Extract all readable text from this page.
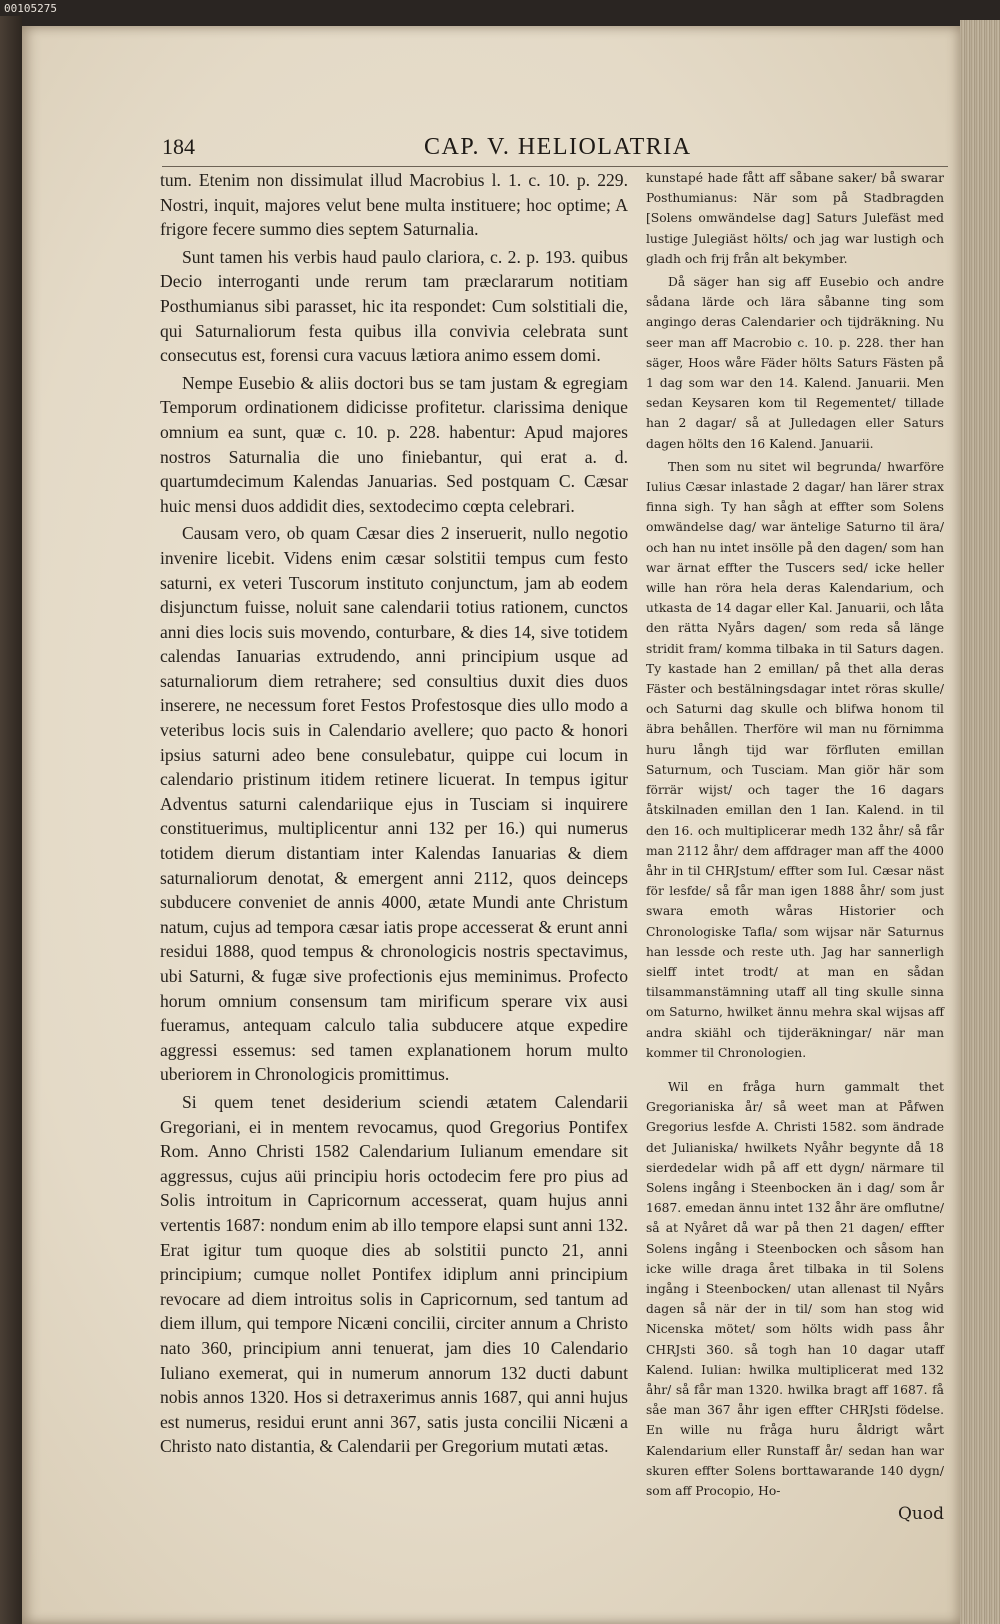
00105275
184	CAP. V. HELIOLATRIA

tum. Etenim non dissimulat illud Macrobius l. 1. c. 10. p. 229. Nostri, inquit, majores velut bene multa instituere; hoc optime; A frigore fecere summo dies septem Saturnalia.

Sunt tamen his verbis haud paulo clariora, c. 2. p. 193. quibus Decio interroganti unde rerum tam præclararum notitiam Posthumianus sibi parasset, hic ita respondet: Cum solstitiali die, qui Saturnaliorum festa quibus illa convivia celebrata sunt consecutus est, forensi cura vacuus lætiora animo essem domi.

Nempe Eusebio & aliis doctori bus se tam justam & egregiam Temporum ordinationem didicisse profitetur. clarissima denique omnium ea sunt, quæ c. 10. p. 228. habentur: Apud majores nostros Saturnalia die uno finiebantur, qui erat a. d. quartumdecimum Kalendas Januarias. Sed postquam C. Cæsar huic mensi duos addidit dies, sextodecimo cœpta celebrari.

Causam vero, ob quam Cæsar dies 2 inseruerit, nullo negotio invenire licebit. Videns enim cæsar solstitii tempus cum festo saturni, ex veteri Tuscorum instituto conjunctum, jam ab eodem disjunctum fuisse, noluit sane calendarii totius rationem, cunctos anni dies locis suis movendo, conturbare, & dies 14, sive totidem calendas Ianuarias extrudendo, anni principium usque ad saturnaliorum diem retrahere; sed consultius duxit dies duos inserere, ne necessum foret Festos Profestosque dies ullo modo a veteribus locis suis in Calendario avellere; quo pacto & honori ipsius saturni adeo bene consulebatur, quippe cui locum in calendario pristinum itidem retinere licuerat. In tempus igitur Adventus saturni calendariique ejus in Tusciam si inquirere constituerimus, multiplicentur anni 132 per 16.) qui numerus totidem dierum distantiam inter Kalendas Ianuarias & diem saturnaliorum denotat, & emergent anni 2112, quos deinceps subducere conveniet de annis 4000, ætate Mundi ante Christum natum, cujus ad tempora cæsar iatis prope accesserat & erunt anni residui 1888, quod tempus & chronologicis nostris spectavimus, ubi Saturni, & fugæ sive profectionis ejus meminimus. Profecto horum omnium consensum tam mirificum sperare vix ausi fueramus, antequam calculo talia subducere atque expedire aggressi essemus: sed tamen explanationem horum multo uberiorem in Chronologicis promittimus.

Si quem tenet desiderium sciendi ætatem Calendarii Gregoriani, ei in mentem revocamus, quod Gregorius Pontifex Rom. Anno Christi 1582 Calendarium Iulianum emendare sit aggressus, cujus aüi principiu horis octodecim fere pro pius ad Solis introitum in Capricornum accesserat, quam hujus anni vertentis 1687: nondum enim ab illo tempore elapsi sunt anni 132. Erat igitur tum quoque dies ab solstitii puncto 21, anni principium; cumque nollet Pontifex idiplum anni principium revocare ad diem introitus solis in Capricornum, sed tantum ad diem illum, qui tempore Nicæni concilii, circiter annum a Christo nato 360, principium anni tenuerat, jam dies 10 Calendario Iuliano exemerat, qui in numerum annorum 132 ducti dabunt nobis annos 1320. Hos si detraxerimus annis 1687, qui anni hujus est numerus, residui erunt anni 367, satis justa concilii Nicæni a Christo nato distantia, & Calendarii per Gregorium mutati ætas.

kunstapé hade fått aff såbane saker/ bå swarar Posthumianus: När som på Stadbragden [Solens omwändelse dag] Saturs Julefäst med lustige Julegiäst hölts/ och jag war lustigh och gladh och frij från alt bekymber.

Då säger han sig aff Eusebio och andre sådana lärde och lära såbanne ting som angingo deras Calendarier och tijdräkning. Nu seer man aff Macrobio c. 10. p. 228. ther han säger, Hoos wåre Fäder hölts Saturs Fästen på 1 dag som war den 14. Kalend. Januarii. Men sedan Keysaren kom til Regementet/ tillade han 2 dagar/ så at Julledagen eller Saturs dagen hölts den 16 Kalend. Januarii.

Then som nu sitet wil begrunda/ hwarföre Iulius Cæsar inlastade 2 dagar/ han lärer strax finna sigh. Ty han sågh at effter som Solens omwändelse dag/ war äntelige Saturno til ära/ och han nu intet insölle på den dagen/ som han war ärnat effter the Tuscers sed/ icke heller wille han röra hela deras Kalendarium, och utkasta de 14 dagar eller Kal. Januarii, och låta den rätta Nyårs dagen/ som reda så länge stridit fram/ komma tilbaka in til Saturs dagen. Ty kastade han 2 emillan/ på thet alla deras Fäster och bestälningsdagar intet röras skulle/ och Saturni dag skulle och blifwa honom til äbra behållen. Therföre wil man nu förnimma huru långh tijd war förfluten emillan Saturnum, och Tusciam. Man giör här som förrär wijst/ och tager the 16 dagars åtskilnaden emillan den 1 Ian. Kalend. in til den 16. och multiplicerar medh 132 åhr/ så får man 2112 åhr/ dem affdrager man aff the 4000 åhr in til CHRJstum/ effter som Iul. Cæsar näst för lesfde/ så får man igen 1888 åhr/ som just swara emoth wåras Historier och Chronologiske Tafla/ som wijsar när Saturnus han lessde och reste uth. Jag har sannerligh sielff intet trodt/ at man en sådan tilsammanstämning utaff all ting skulle sinna om Saturno, hwilket ännu mehra skal wijsas aff andra skiähl och tijderäkningar/ när man kommer til Chronologien.

Wil en fråga hurn gammalt thet Gregorianiska år/ så weet man at Påfwen Gregorius lesfde A. Christi 1582. som ändrade det Julianiska/ hwilkets Nyåhr begynte då 18 sierdedelar widh på aff ett dygn/ närmare til Solens ingång i Steenbocken än i dag/ som år 1687. emedan ännu intet 132 åhr äre omflutne/ så at Nyåret då war på then 21 dagen/ effter Solens ingång i Steenbocken och såsom han icke wille draga året tilbaka in til Solens ingång i Steenbocken/ utan allenast til Nyårs dagen så när der in til/ som han stog wid Nicenska mötet/ som hölts widh pass åhr CHRJsti 360. så togh han 10 dagar utaff Kalend. Iulian: hwilka multiplicerat med 132 åhr/ så får man 1320. hwilka bragt aff 1687. få såe man 367 åhr igen effter CHRJsti födelse. En wille nu fråga huru åldrigt wårt Kalendarium eller Runstaff år/ sedan han war skuren effter Solens borttawarande 140 dygn/ som aff Procopio, Ho-

Quod
